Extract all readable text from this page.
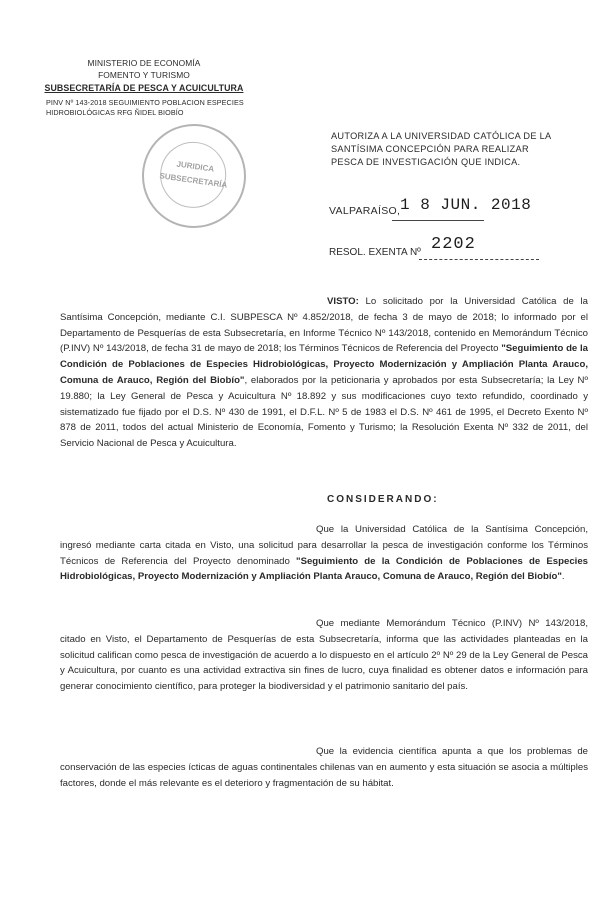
MINISTERIO DE ECONOMÍA
FOMENTO Y TURISMO
SUBSECRETARÍA DE PESCA Y ACUICULTURA
PINV Nº 143-2018 SEGUIMIENTO POBLACION ESPECIES
HIDROBIOLÓGICAS RFG ÑIDEL BIOBÍO
JURIDICA
SUBSECRETARÍA
AUTORIZA A LA UNIVERSIDAD CATÓLICA DE LA SANTÍSIMA CONCEPCIÓN PARA REALIZAR PESCA DE INVESTIGACIÓN QUE INDICA.
VALPARAÍSO, 1 8 JUN. 2018
RESOL. EXENTA Nº 2202
VISTO: Lo solicitado por la Universidad Católica de la Santísima Concepción, mediante C.I. SUBPESCA Nº 4.852/2018, de fecha 3 de mayo de 2018; lo informado por el Departamento de Pesquerías de esta Subsecretaría, en Informe Técnico Nº 143/2018, contenido en Memorándum Técnico (P.INV) Nº 143/2018, de fecha 31 de mayo de 2018; los Términos Técnicos de Referencia del Proyecto "Seguimiento de la Condición de Poblaciones de Especies Hidrobiológicas, Proyecto Modernización y Ampliación Planta Arauco, Comuna de Arauco, Región del Biobío", elaborados por la peticionaria y aprobados por esta Subsecretaría; la Ley Nº 19.880; la Ley General de Pesca y Acuicultura Nº 18.892 y sus modificaciones cuyo texto refundido, coordinado y sistematizado fue fijado por el D.S. Nº 430 de 1991, el D.F.L. Nº 5 de 1983 el D.S. Nº 461 de 1995, el Decreto Exento Nº 878 de 2011, todos del actual Ministerio de Economía, Fomento y Turismo; la Resolución Exenta Nº 332 de 2011, del Servicio Nacional de Pesca y Acuicultura.
CONSIDERANDO:
Que la Universidad Católica de la Santísima Concepción, ingresó mediante carta citada en Visto, una solicitud para desarrollar la pesca de investigación conforme los Términos Técnicos de Referencia del Proyecto denominado "Seguimiento de la Condición de Poblaciones de Especies Hidrobiológicas, Proyecto Modernización y Ampliación Planta Arauco, Comuna de Arauco, Región del Biobío".
Que mediante Memorándum Técnico (P.INV) Nº 143/2018, citado en Visto, el Departamento de Pesquerías de esta Subsecretaría, informa que las actividades planteadas en la solicitud califican como pesca de investigación de acuerdo a lo dispuesto en el artículo 2º Nº 29 de la Ley General de Pesca y Acuicultura, por cuanto es una actividad extractiva sin fines de lucro, cuya finalidad es obtener datos e información para generar conocimiento científico, para proteger la biodiversidad y el patrimonio sanitario del país.
Que la evidencia científica apunta a que los problemas de conservación de las especies ícticas de aguas continentales chilenas van en aumento y esta situación se asocia a múltiples factores, donde el más relevante es el deterioro y fragmentación de su hábitat.
